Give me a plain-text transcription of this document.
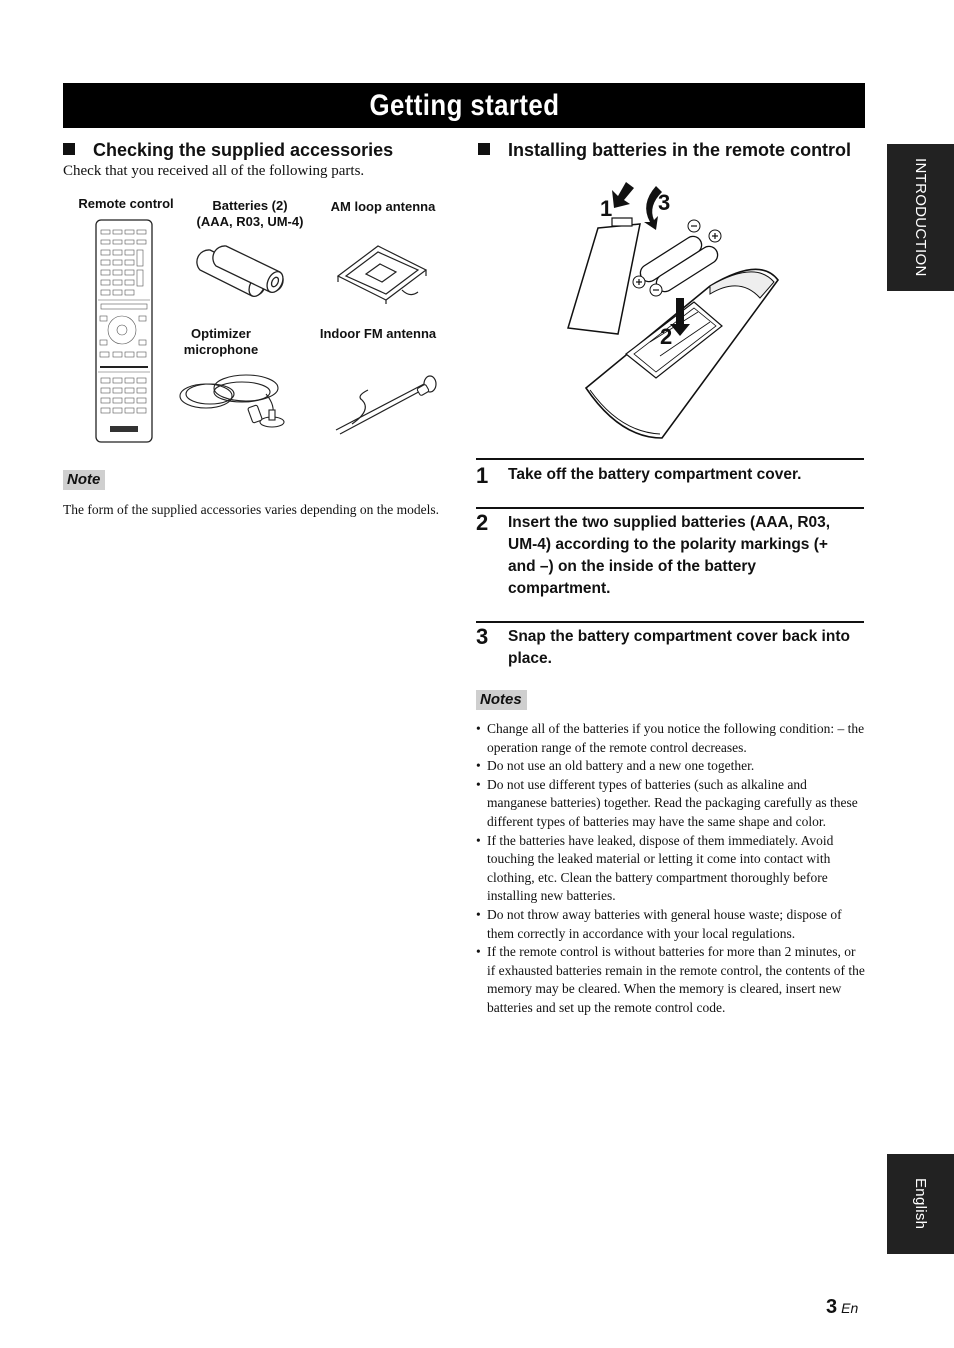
Getting started
Checking the supplied accessories
Check that you received all of the following parts.
Remote control	Batteries (2)
(AAA, R03, UM-4)
AM loop antenna
Optimizer
microphone
Indoor FM antenna
Note
The form of the supplied accessories varies depending on the models.
Installing batteries in the remote control
1 3
2
1 Take off the battery compartment cover.
2 Insert the two supplied batteries (AAA, R03, UM-4) according to the polarity markings (+ and –) on the inside of the battery compartment.
3 Snap the battery compartment cover back into place.
Notes
• Change all of the batteries if you notice the following condition: – the operation range of the remote control decreases.
• Do not use an old battery and a new one together.
• Do not use different types of batteries (such as alkaline and manganese batteries) together. Read the packaging carefully as these different types of batteries may have the same shape and color.
• If the batteries have leaked, dispose of them immediately. Avoid touching the leaked material or letting it come into contact with clothing, etc. Clean the battery compartment thoroughly before installing new batteries.
• Do not throw away batteries with general house waste; dispose of them correctly in accordance with your local regulations.
• If the remote control is without batteries for more than 2 minutes, or if exhausted batteries remain in the remote control, the contents of the memory may be cleared. When the memory is cleared, insert new batteries and set up the remote control code.
INTRODUCTION
English
3 En
